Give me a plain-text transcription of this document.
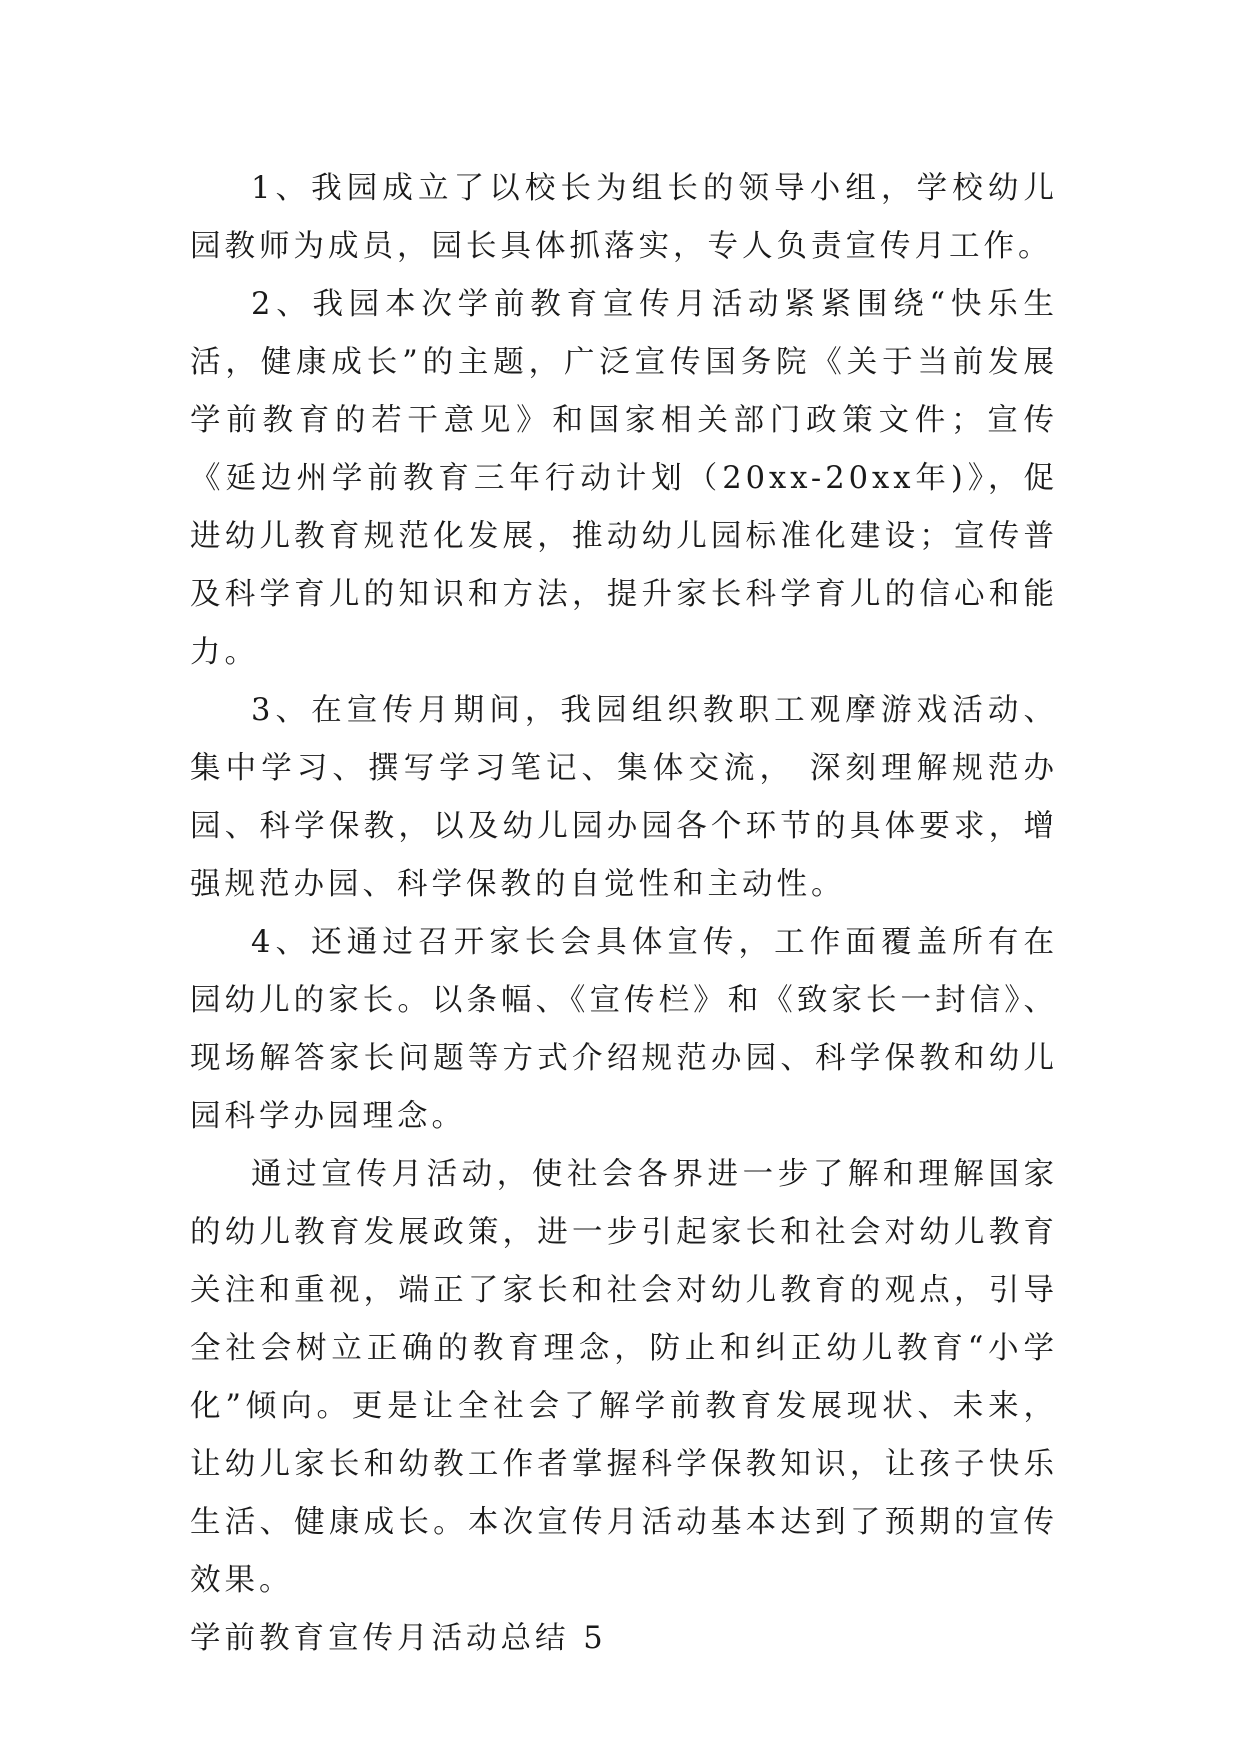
1、我园成立了以校长为组长的领导小组，学校幼儿园教师为成员，园长具体抓落实，专人负责宣传月工作。

2、我园本次学前教育宣传月活动紧紧围绕“快乐生活，健康成长”的主题，广泛宣传国务院《关于当前发展学前教育的若干意见》和国家相关部门政策文件；宣传《延边州学前教育三年行动计划（20xx-20xx年)》，促进幼儿教育规范化发展，推动幼儿园标准化建设；宣传普及科学育儿的知识和方法，提升家长科学育儿的信心和能力。

3、在宣传月期间，我园组织教职工观摩游戏活动、集中学习、撰写学习笔记、集体交流， 深刻理解规范办园、科学保教，以及幼儿园办园各个环节的具体要求，增强规范办园、科学保教的自觉性和主动性。

4、还通过召开家长会具体宣传，工作面覆盖所有在园幼儿的家长。以条幅、《宣传栏》和《致家长一封信》、现场解答家长问题等方式介绍规范办园、科学保教和幼儿园科学办园理念。

通过宣传月活动，使社会各界进一步了解和理解国家的幼儿教育发展政策，进一步引起家长和社会对幼儿教育关注和重视，端正了家长和社会对幼儿教育的观点，引导全社会树立正确的教育理念，防止和纠正幼儿教育“小学化”倾向。更是让全社会了解学前教育发展现状、未来，让幼儿家长和幼教工作者掌握科学保教知识，让孩子快乐生活、健康成长。本次宣传月活动基本达到了预期的宣传效果。

学前教育宣传月活动总结 5
